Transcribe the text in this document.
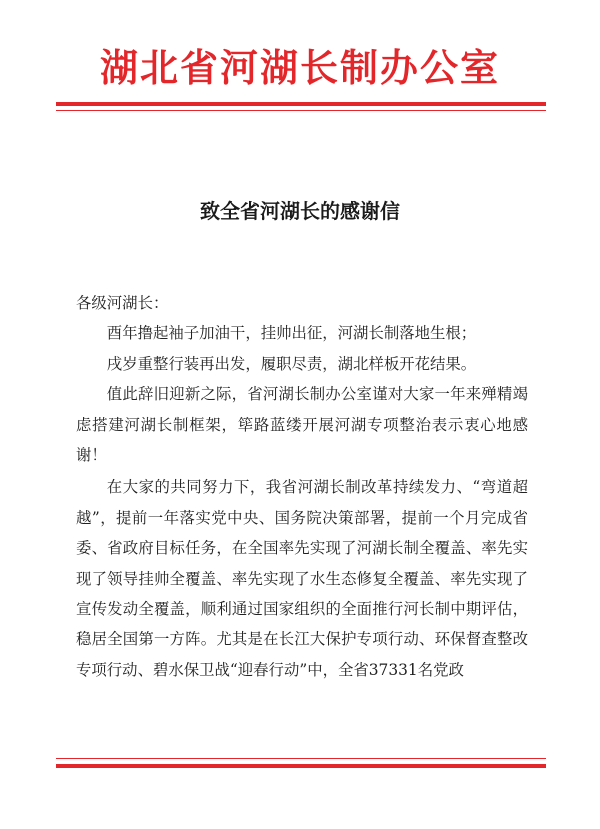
湖北省河湖长制办公室
致全省河湖长的感谢信

各级河湖长：

酉年撸起袖子加油干，挂帅出征，河湖长制落地生根；

戌岁重整行装再出发，履职尽责，湖北样板开花结果。

值此辞旧迎新之际，省河湖长制办公室谨对大家一年来殚精竭虑搭建河湖长制框架，筚路蓝缕开展河湖专项整治表示衷心地感谢！

在大家的共同努力下，我省河湖长制改革持续发力、“弯道超越”，提前一年落实党中央、国务院决策部署，提前一个月完成省委、省政府目标任务，在全国率先实现了河湖长制全覆盖、率先实现了领导挂帅全覆盖、率先实现了水生态修复全覆盖、率先实现了宣传发动全覆盖，顺利通过国家组织的全面推行河长制中期评估，稳居全国第一方阵。尤其是在长江大保护专项行动、环保督查整改专项行动、碧水保卫战“迎春行动”中，全省37331名党政
